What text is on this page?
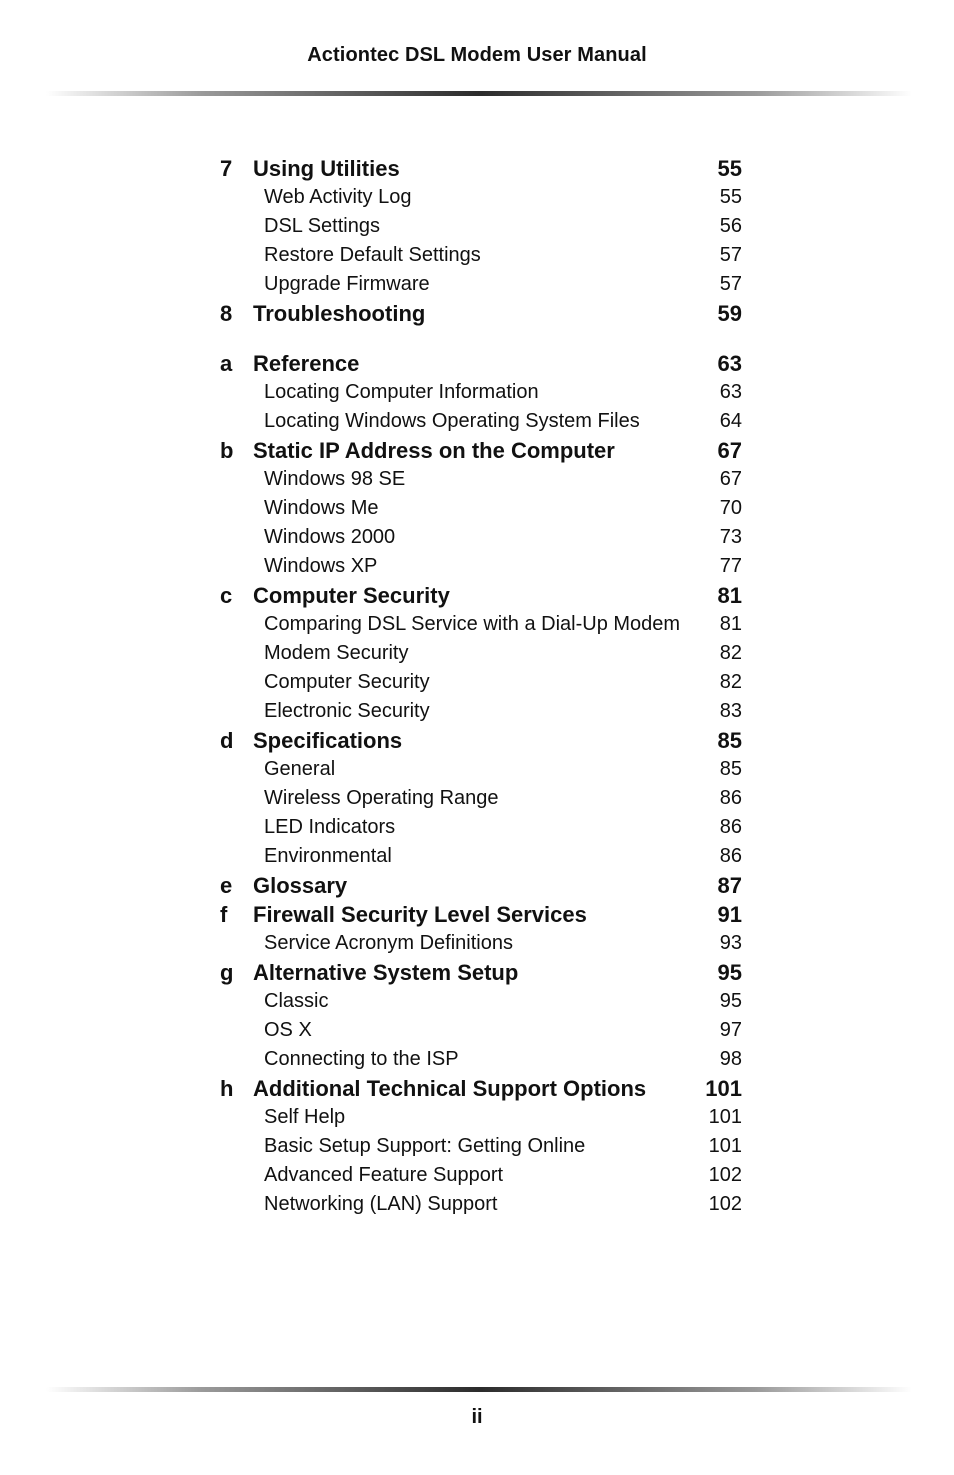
Actiontec DSL Modem User Manual
7 Using Utilities	55
Web Activity Log	55
DSL Settings	56
Restore Default Settings	57
Upgrade Firmware	57
8 Troubleshooting	59
a Reference	63
Locating Computer Information	63
Locating Windows Operating System Files	64
b Static IP Address on the Computer	67
Windows 98 SE	67
Windows Me	70
Windows 2000	73
Windows XP	77
c Computer Security	81
Comparing DSL Service with a Dial-Up Modem 81
Modem Security	82
Computer Security	82
Electronic Security	83
d Specifications	85
General	85
Wireless Operating Range	86
LED Indicators	86
Environmental	86
e Glossary	87
f Firewall Security Level Services	91
Service Acronym Definitions	93
g Alternative System Setup	95
Classic	95
OS X	97
Connecting to the ISP	98
h Additional Technical Support Options	101
Self Help	101
Basic Setup Support: Getting Online	101
Advanced Feature Support	102
Networking (LAN) Support	102
ii
